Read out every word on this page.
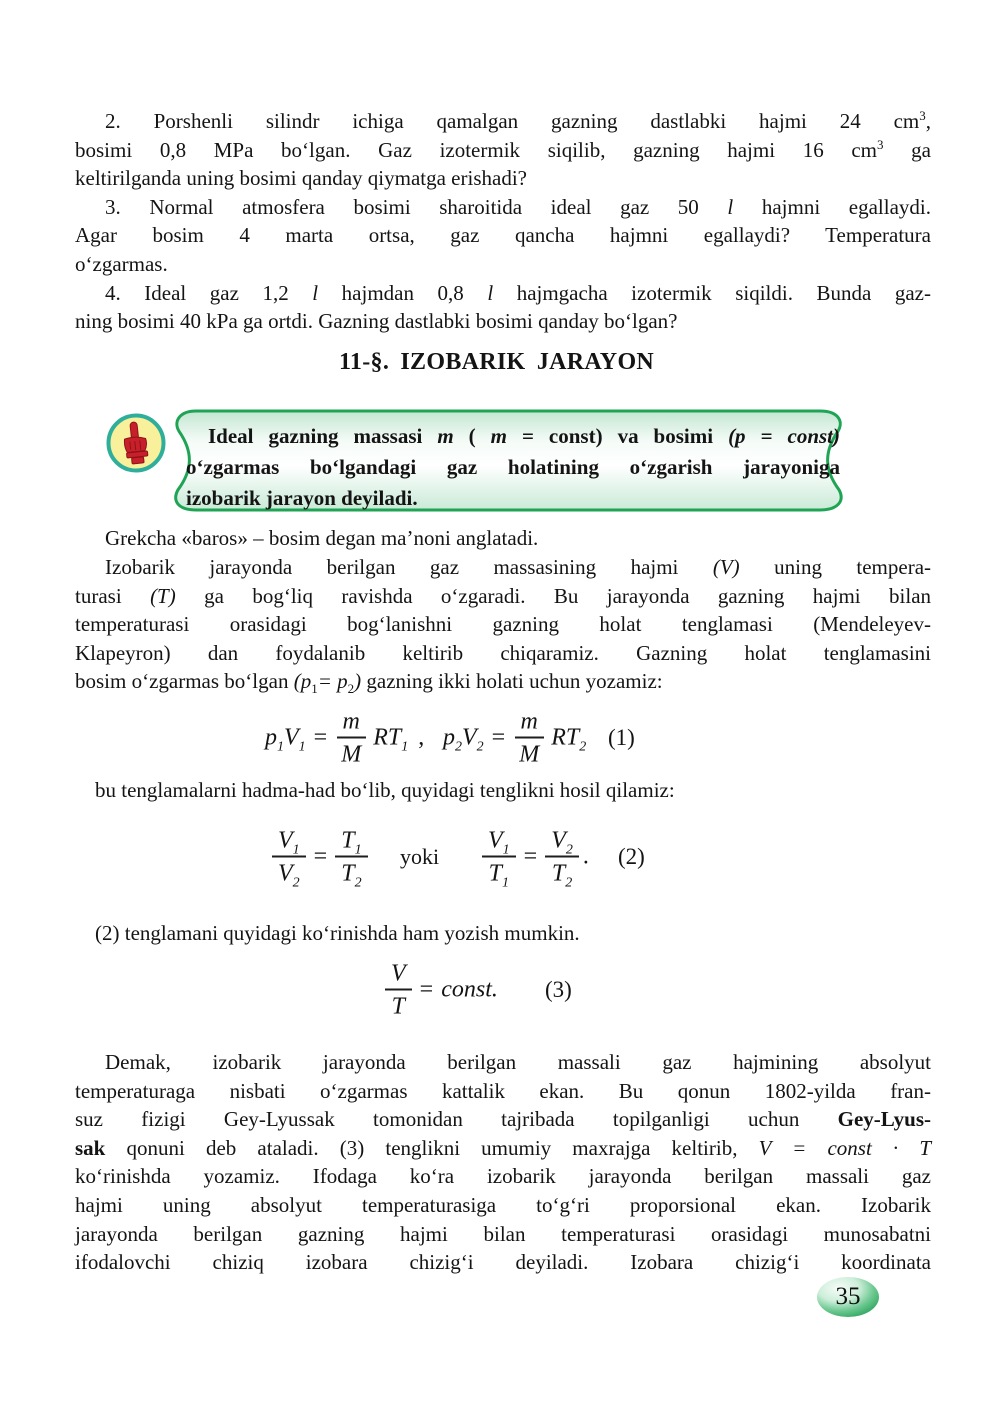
2. Porshenli silindr ichiga qamalgan gazning dastlabki hajmi 24 $cm^3$,
bosimi 0,8 MPa bo‘lgan. Gaz izotermik siqilib, gazning hajmi 16 $cm^3$ ga
keltirilganda uning bosimi qanday qiymatga erishadi?
3. Normal atmosfera bosimi sharoitida ideal gaz 50 l hajmni egallaydi.
Agar bosim 4 marta ortsa, gaz qancha hajmni egallaydi? Temperatura
o‘zgarmas.
4. Ideal gaz 1,2 l hajmdan 0,8 l hajmgacha izotermik siqildi. Bunda gaz-
ning bosimi 40 kPa ga ortdi. Gazning dastlabki bosimi qanday bo‘lgan?
11-§. IZOBARIK JARAYON
Ideal gazning massasi m ( m = const) va bosimi (p = const)
o‘zgarmas bo‘lgandagi gaz holatining o‘zgarish jarayoniga
izobarik jarayon deyiladi.
Grekcha «baros» – bosim degan ma’noni anglatadi.
Izobarik jarayonda berilgan gaz massasining hajmi (V) uning tempera-
turasi (T) ga bog‘liq ravishda o‘zgaradi. Bu jarayonda gazning hajmi bilan
temperaturasi orasidagi bog‘lanishni gazning holat tenglamasi (Mendeleyev-
Klapeyron) dan foydalanib keltirib chiqaramiz. Gazning holat tenglamasini
bosim o‘zgarmas bo‘lgan $(p_1= p_2)$ gazning ikki holati uchun yozamiz:
$p_1V_1 = \frac{m}{M} RT_1$ , $p_2V_2 = \frac{m}{M} RT_2$ (1)
bu tenglamalarni hadma-had bo‘lib, quyidagi tenglikni hosil qilamiz:
$\frac{V_1}{V_2} = \frac{T_1}{T_2}$ yoki $\frac{V_1}{T_1} = \frac{V_2}{T_2}$ . (2)
(2) tenglamani quyidagi ko‘rinishda ham yozish mumkin.
$\frac{V}{T}$ = const. (3)
Demak, izobarik jarayonda berilgan massali gaz hajmining absolyut
temperaturaga nisbati o‘zgarmas kattalik ekan. Bu qonun 1802-yilda fran-
suz fizigi Gey-Lyussak tomonidan tajribada topilganligi uchun Gey-Lyus-
sak qonuni deb ataladi. (3) tenglikni umumiy maxrajga keltirib, V = const · T
ko‘rinishda yozamiz. Ifodaga ko‘ra izobarik jarayonda berilgan massali gaz
hajmi uning absolyut temperaturasiga to‘g‘ri proporsional ekan. Izobarik
jarayonda berilgan gazning hajmi bilan temperaturasi orasidagi munosabatni
ifodalovchi chiziq izobara chizig‘i deyiladi. Izobara chizig‘i koordinata
35
